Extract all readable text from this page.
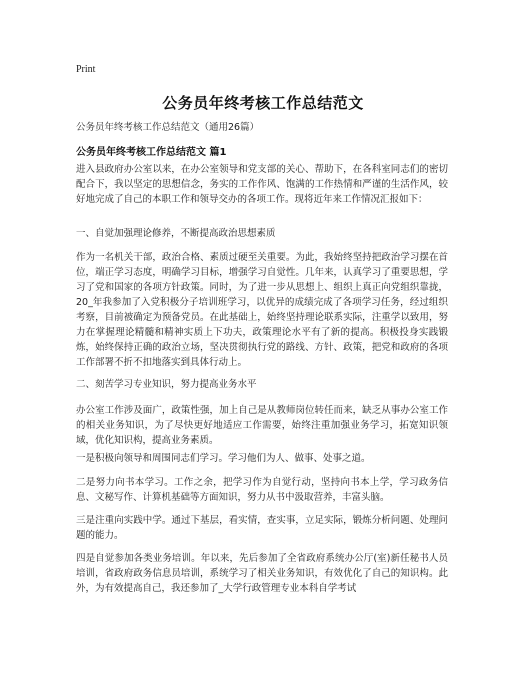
Print
公务员年终考核工作总结范文
公务员年终考核工作总结范文（通用26篇）
公务员年终考核工作总结范文 篇1

进入县政府办公室以来，在办公室领导和党支部的关心、帮助下，在各科室同志们的密切配合下，我以坚定的思想信念，务实的工作作风、饱满的工作热情和严谨的生活作风，较好地完成了自己的本职工作和领导交办的各项工作。现将近年来工作情况汇报如下：

一、自觉加强理论修养，不断提高政治思想素质

作为一名机关干部，政治合格、素质过硬至关重要。为此，我始终坚持把政治学习摆在首位，端正学习态度，明确学习目标，增强学习自觉性。几年来，认真学习了重要思想，学习了党和国家的各项方针政策。同时，为了进一步从思想上、组织上真正向党组织靠拢，20_年我参加了入党积极分子培训班学习，以优异的成绩完成了各项学习任务，经过组织考察，目前被确定为预备党员。在此基础上，始终坚持理论联系实际，注重学以致用，努力在掌握理论精髓和精神实质上下功夫，政策理论水平有了新的提高。积极投身实践锻炼，始终保持正确的政治立场，坚决贯彻执行党的路线、方针、政策，把党和政府的各项工作部署不折不扣地落实到具体行动上。

二、刻苦学习专业知识，努力提高业务水平

办公室工作涉及面广，政策性强，加上自己是从教师岗位转任而来，缺乏从事办公室工作的相关业务知识，为了尽快更好地适应工作需要，始终注重加强业务学习，拓宽知识领域，优化知识构，提高业务素质。

一是积极向领导和周围同志们学习。学习他们为人、做事、处事之道。

二是努力向书本学习。工作之余，把学习作为自觉行动，坚持向书本上学，学习政务信息、文秘写作、计算机基础等方面知识，努力从书中汲取营养，丰富头脑。

三是注重向实践中学。通过下基层，看实情，查实事，立足实际，锻炼分析问题、处理问题的能力。

四是自觉参加各类业务培训。年以来，先后参加了全省政府系统办公厅(室)新任秘书人员培训，省政府政务信息员培训，系统学习了相关业务知识，有效优化了自己的知识构。此外，为有效提高自己，我还参加了_大学行政管理专业本科自学考试
